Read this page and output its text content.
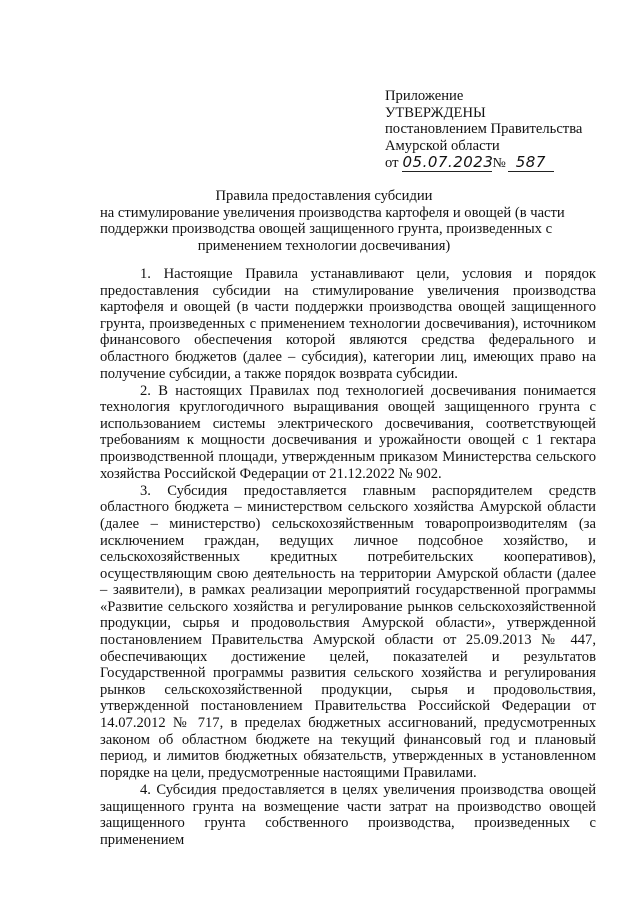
Приложение
УТВЕРЖДЕНЫ
постановлением Правительства
Амурской области
от 05.07.2023№ 587
Правила предоставления субсидии
на стимулирование увеличения производства картофеля и овощей (в части
поддержки производства овощей защищенного грунта, произведенных с
применением технологии досвечивания)

1. Настоящие Правила устанавливают цели, условия и порядок предоставления субсидии на стимулирование увеличения производства картофеля и овощей (в части поддержки производства овощей защищенного грунта, произведенных с применением технологии досвечивания), источником финансового обеспечения которой являются средства федерального и областного бюджетов (далее – субсидия), категории лиц, имеющих право на получение субсидии, а также порядок возврата субсидии.

2. В настоящих Правилах под технологией досвечивания понимается технология круглогодичного выращивания овощей защищенного грунта с использованием системы электрического досвечивания, соответствующей требованиям к мощности досвечивания и урожайности овощей с 1 гектара производственной площади, утвержденным приказом Министерства сельского хозяйства Российской Федерации от 21.12.2022 № 902.

3. Субсидия предоставляется главным распорядителем средств областного бюджета – министерством сельского хозяйства Амурской области (далее – министерство) сельскохозяйственным товаропроизводителям (за исключением граждан, ведущих личное подсобное хозяйство, и сельскохозяйственных кредитных потребительских кооперативов), осуществляющим свою деятельность на территории Амурской области (далее – заявители), в рамках реализации мероприятий государственной программы «Развитие сельского хозяйства и регулирование рынков сельскохозяйственной продукции, сырья и продовольствия Амурской области», утвержденной постановлением Правительства Амурской области от 25.09.2013 № 447, обеспечивающих достижение целей, показателей и результатов Государственной программы развития сельского хозяйства и регулирования рынков сельскохозяйственной продукции, сырья и продовольствия, утвержденной постановлением Правительства Российской Федерации от 14.07.2012 № 717, в пределах бюджетных ассигнований, предусмотренных законом об областном бюджете на текущий финансовый год и плановый период, и лимитов бюджетных обязательств, утвержденных в установленном порядке на цели, предусмотренные настоящими Правилами.

4. Субсидия предоставляется в целях увеличения производства овощей защищенного грунта на возмещение части затрат на производство овощей защищенного грунта собственного производства, произведенных с применением
